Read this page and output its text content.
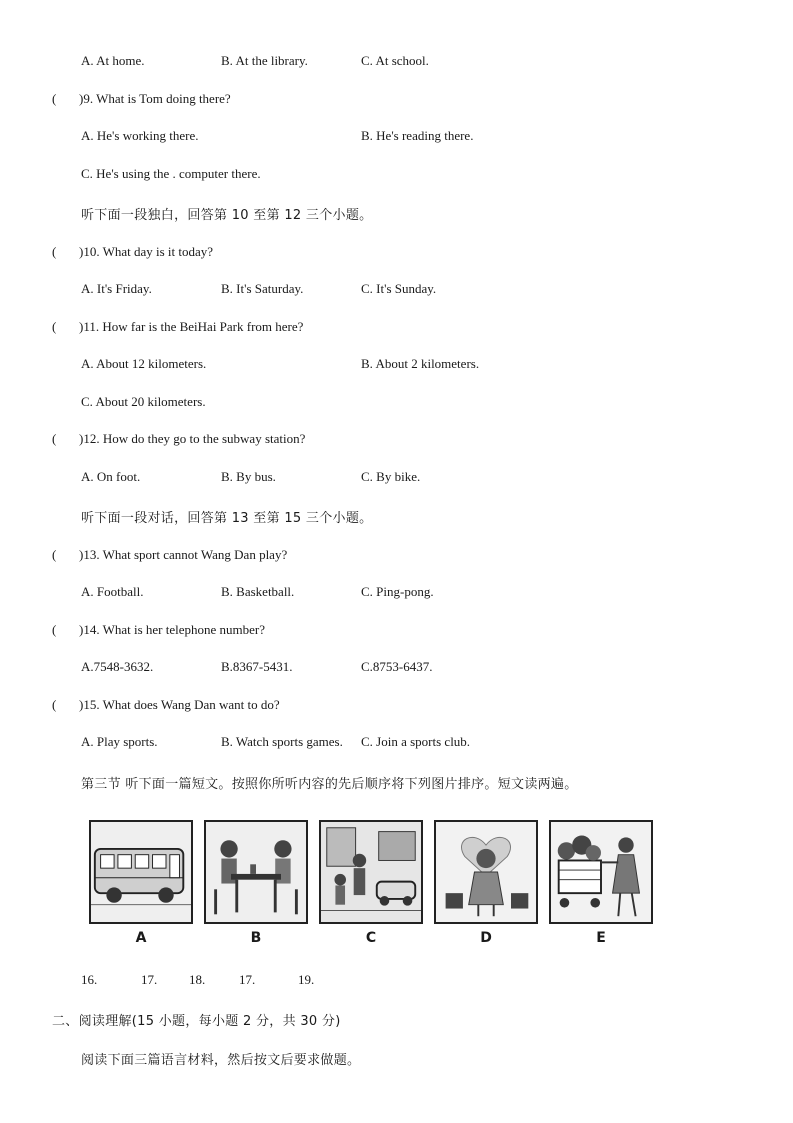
A. At home.	B. At the library.	C. At school.
( )9. What is Tom doing there?
A. He's working there.	B. He's reading there.
C. He's using the . computer there.
听下面一段独白，回答第 10 至第 12 三个小题。
( )10. What day is it today?
A. It's Friday.	B. It's Saturday.	C. It's Sunday.
( )11. How far is the BeiHai Park from here?
A. About 12 kilometers.	B. About 2 kilometers.
C. About 20 kilometers.
( )12. How do they go to the subway station?
A. On foot.	B. By bus.	C. By bike.
听下面一段对话，回答第 13 至第 15 三个小题。
( )13. What sport cannot Wang Dan play?
A. Football.	B. Basketball.	C. Ping-pong.
( )14. What is her telephone number?
A.7548-3632.	B.8367-5431.	C.8753-6437.
( )15. What does Wang Dan want to do?
A. Play sports.	B. Watch sports games. C. Join a sports club.
第三节 听下面一篇短文。按照你所听内容的先后顺序将下列图片排序。短文读两遍。
A	B	C	D	E
16.	17. 18.	17.	19.
二、阅读理解(15 小题，每小题 2 分，共 30 分)
阅读下面三篇语言材料，然后按文后要求做题。
